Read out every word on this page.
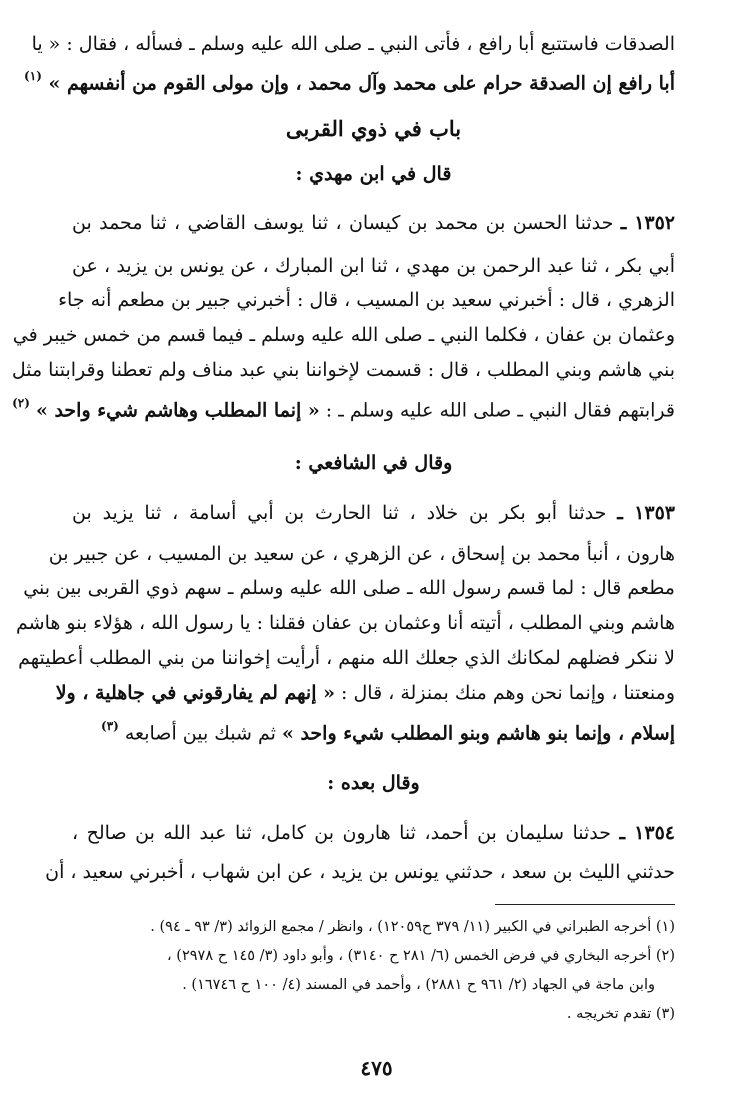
الصدقات فاستتبع أبا رافع ، فأتى النبي ـ صلى الله عليه وسلم ـ فسأله ، فقال : « يا
أبا رافع إن الصدقة حرام على محمد وآل محمد ، وإن مولى القوم من أنفسهم » $^{(١)}$
باب في ذوي القربى
قال في ابن مهدي :
١٣٥٢ ـ حدثنا الحسن بن محمد بن كيسان ، ثنا يوسف القاضي ، ثنا محمد بن
أبي بكر ، ثنا عبد الرحمن بن مهدي ، ثنا ابن المبارك ، عن يونس بن يزيد ، عن
الزهري ، قال : أخبرني سعيد بن المسيب ، قال : أخبرني جبير بن مطعم أنه جاء
وعثمان بن عفان ، فكلما النبي ـ صلى الله عليه وسلم ـ فيما قسم من خمس خيبر في
بني هاشم وبني المطلب ، قال : قسمت لإخواننا بني عبد مناف ولم تعطنا وقرابتنا مثل
قرابتهم فقال النبي ـ صلى الله عليه وسلم ـ : « إنما المطلب وهاشم شيء واحد » $^{(٢)}$
وقال في الشافعي :
١٣٥٣ ـ حدثنا أبو بكر بن خلاد ، ثنا الحارث بن أبي أسامة ، ثنا يزيد بن
هارون ، أنبأ محمد بن إسحاق ، عن الزهري ، عن سعيد بن المسيب ، عن جبير بن
مطعم قال : لما قسم رسول الله ـ صلى الله عليه وسلم ـ سهم ذوي القربى بين بني
هاشم وبني المطلب ، أتيته أنا وعثمان بن عفان فقلنا : يا رسول الله ، هؤلاء بنو هاشم
لا ننكر فضلهم لمكانك الذي جعلك الله منهم ، أرأيت إخواننا من بني المطلب أعطيتهم
ومنعتنا ، وإنما نحن وهم منك بمنزلة ، قال : « إنهم لم يفارقوني في جاهلية ، ولا
إسلام ، وإنما بنو هاشم وبنو المطلب شيء واحد » ثم شبك بين أصابعه $^{(٣)}$
وقال بعده :
١٣٥٤ ـ حدثنا سليمان بن أحمد، ثنا هارون بن كامل، ثنا عبد الله بن صالح ،
حدثني الليث بن سعد ، حدثني يونس بن يزيد ، عن ابن شهاب ، أخبرني سعيد ، أن
(١) أخرجه الطبراني في الكبير (١١/ ٣٧٩ ح١٢٠٥٩) ، وانظر / مجمع الزوائد (٣/ ٩٣ ـ ٩٤) .
(٢) أخرجه البخاري في فرض الخمس (٦/ ٢٨١ ح ٣١٤٠) ، وأبو داود (٣/ ١٤٥ ح ٢٩٧٨) ،
وابن ماجة في الجهاد (٢/ ٩٦١ ح ٢٨٨١) ، وأحمد في المسند (٤/ ١٠٠ ح ١٦٧٤٦) .
(٣) تقدم تخريجه .
٤٧٥
